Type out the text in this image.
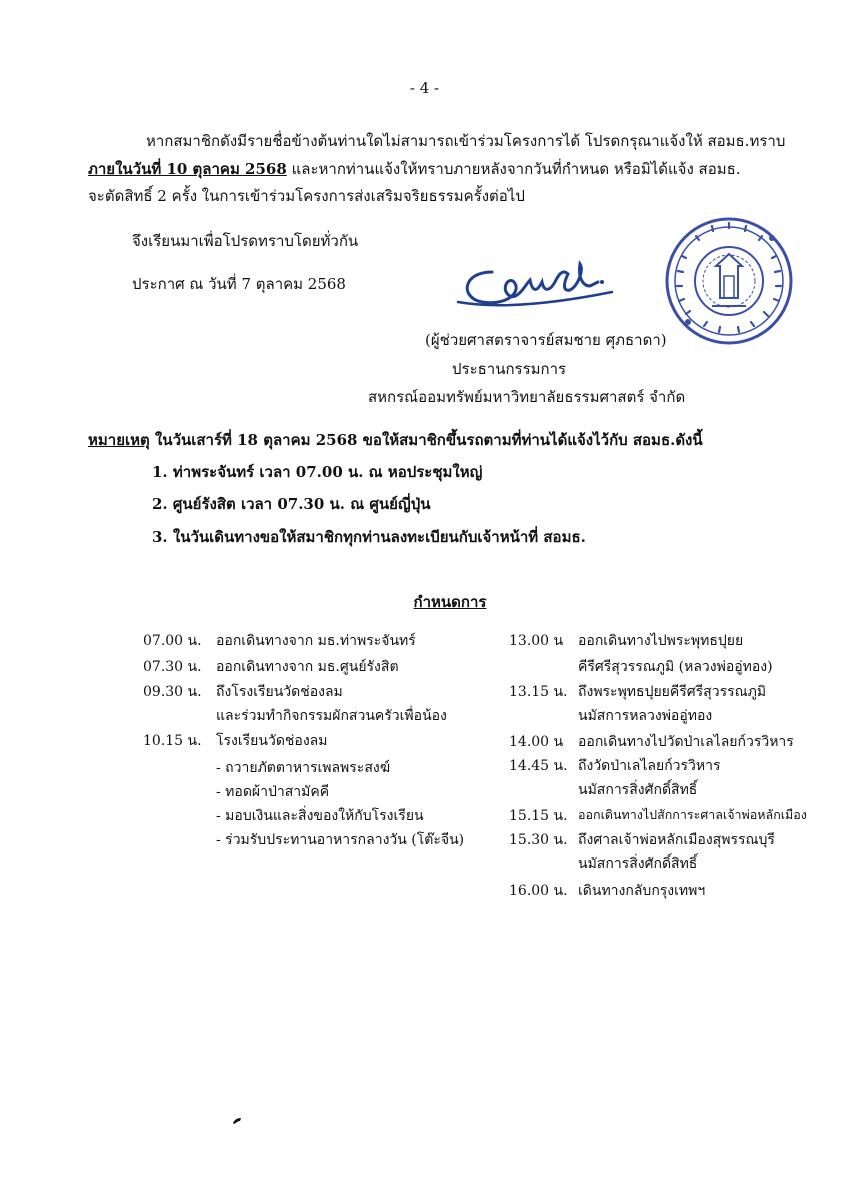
- 4 -
หากสมาชิกดังมีรายชื่อข้างต้นท่านใดไม่สามารถเข้าร่วมโครงการได้ โปรดกรุณาแจ้งให้ สอมธ.ทราบ
ภายในวันที่ 10 ตุลาคม 2568 และหากท่านแจ้งให้ทราบภายหลังจากวันที่กำหนด หรือมิได้แจ้ง สอมธ.
จะตัดสิทธิ์ 2 ครั้ง ในการเข้าร่วมโครงการส่งเสริมจริยธรรมครั้งต่อไป
จึงเรียนมาเพื่อโปรดทราบโดยทั่วกัน
ประกาศ ณ วันที่ 7 ตุลาคม 2568
(ผู้ช่วยศาสตราจารย์สมชาย ศุภธาดา)
ประธานกรรมการ
สหกรณ์ออมทรัพย์มหาวิทยาลัยธรรมศาสตร์ จำกัด
หมายเหตุ ในวันเสาร์ที่ 18 ตุลาคม 2568 ขอให้สมาชิกขึ้นรถตามที่ท่านได้แจ้งไว้กับ สอมธ.ดังนี้
1. ท่าพระจันทร์ เวลา 07.00 น. ณ หอประชุมใหญ่
2. ศูนย์รังสิต เวลา 07.30 น. ณ ศูนย์ญี่ปุ่น
3. ในวันเดินทางขอให้สมาชิกทุกท่านลงทะเบียนกับเจ้าหน้าที่ สอมธ.
กำหนดการ
07.00 น. ออกเดินทางจาก มธ.ท่าพระจันทร์
07.30 น. ออกเดินทางจาก มธ.ศูนย์รังสิต
09.30 น. ถึงโรงเรียนวัดช่องลม
และร่วมทำกิจกรรมผักสวนครัวเพื่อน้อง
10.15 น. โรงเรียนวัดช่องลม
- ถวายภัตตาหารเพลพระสงฆ์
- ทอดผ้าป่าสามัคคี
- มอบเงินและสิ่งของให้กับโรงเรียน
- ร่วมรับประทานอาหารกลางวัน (โต๊ะจีน)
13.00 น ออกเดินทางไปพระพุทธปุยย
คีรีศรีสุวรรณภูมิ (หลวงพ่ออู่ทอง)
13.15 น. ถึงพระพุทธปุยยคีรีศรีสุวรรณภูมิ
นมัสการหลวงพ่ออู่ทอง
14.00 น ออกเดินทางไปวัดป่าเลไลยก์วรวิหาร
14.45 น. ถึงวัดป่าเลไลยก์วรวิหาร
นมัสการสิ่งศักดิ์สิทธิ์
15.15 น. ออกเดินทางไปสักการะศาลเจ้าพ่อหลักเมือง
15.30 น. ถึงศาลเจ้าพ่อหลักเมืองสุพรรณบุรี
นมัสการสิ่งศักดิ์สิทธิ์
16.00 น. เดินทางกลับกรุงเทพฯ
